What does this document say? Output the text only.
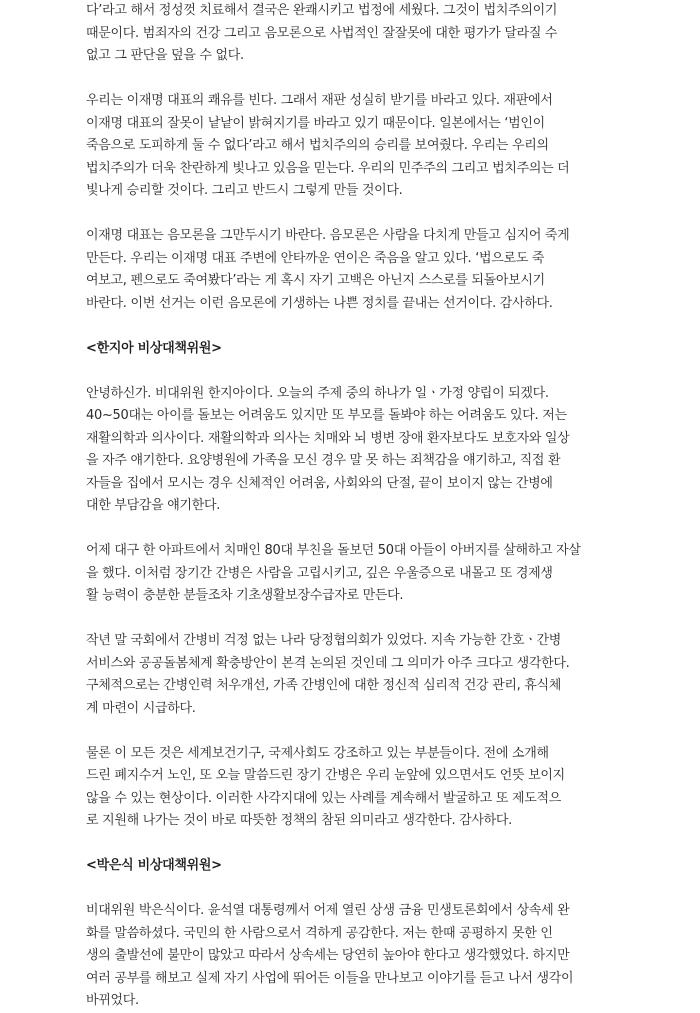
다’라고 해서 정성껏 치료해서 결국은 완쾌시키고 법정에 세웠다. 그것이 법치주의이기
때문이다. 범죄자의 건강 그리고 음모론으로 사법적인 잘잘못에 대한 평가가 달라질 수
없고 그 판단을 덮을 수 없다.
우리는 이재명 대표의 쾌유를 빈다. 그래서 재판 성실히 받기를 바라고 있다. 재판에서
이재명 대표의 잘못이 낱낱이 밝혀지기를 바라고 있기 때문이다. 일본에서는 ‘범인이
죽음으로 도피하게 둘 수 없다’라고 해서 법치주의의 승리를 보여줬다. 우리는 우리의
법치주의가 더욱 찬란하게 빛나고 있음을 믿는다. 우리의 민주주의 그리고 법치주의는 더
빛나게 승리할 것이다. 그리고 반드시 그렇게 만들 것이다.
이재명 대표는 음모론을 그만두시기 바란다. 음모론은 사람을 다치게 만들고 심지어 죽게
만든다. 우리는 이재명 대표 주변에 안타까운 연이은 죽음을 알고 있다. ‘법으로도 죽
여보고, 펜으로도 죽여봤다’라는 게 혹시 자기 고백은 아닌지 스스로를 되돌아보시기
바란다. 이번 선거는 이런 음모론에 기생하는 나쁜 정치를 끝내는 선거이다. 감사하다.
<한지아 비상대책위원>
안녕하신가. 비대위원 한지아이다. 오늘의 주제 중의 하나가 일ㆍ가정 양립이 되겠다.
40~50대는 아이를 돌보는 어려움도 있지만 또 부모를 돌봐야 하는 어려움도 있다. 저는
재활의학과 의사이다. 재활의학과 의사는 치매와 뇌 병변 장애 환자보다도 보호자와 일상
을 자주 얘기한다. 요양병원에 가족을 모신 경우 말 못 하는 죄책감을 얘기하고, 직접 환
자들을 집에서 모시는 경우 신체적인 어려움, 사회와의 단절, 끝이 보이지 않는 간병에
대한 부담감을 얘기한다.
어제 대구 한 아파트에서 치매인 80대 부친을 돌보던 50대 아들이 아버지를 살해하고 자살
을 했다. 이처럼 장기간 간병은 사람을 고립시키고, 깊은 우울증으로 내몰고 또 경제생
활 능력이 충분한 분들조차 기초생활보장수급자로 만든다.
작년 말 국회에서 간병비 걱정 없는 나라 당정협의회가 있었다. 지속 가능한 간호ㆍ간병
서비스와 공공돌봄체계 확충방안이 본격 논의된 것인데 그 의미가 아주 크다고 생각한다.
구체적으로는 간병인력 처우개선, 가족 간병인에 대한 정신적 심리적 건강 관리, 휴식체
계 마련이 시급하다.
물론 이 모든 것은 세계보건기구, 국제사회도 강조하고 있는 부분들이다. 전에 소개해
드린 폐지수거 노인, 또 오늘 말씀드린 장기 간병은 우리 눈앞에 있으면서도 언뜻 보이지
않을 수 있는 현상이다. 이러한 사각지대에 있는 사례를 계속해서 발굴하고 또 제도적으
로 지원해 나가는 것이 바로 따뜻한 정책의 참된 의미라고 생각한다. 감사하다.
<박은식 비상대책위원>
비대위원 박은식이다. 윤석열 대통령께서 어제 열린 상생 금융 민생토론회에서 상속세 완
화를 말씀하셨다. 국민의 한 사람으로서 격하게 공감한다. 저는 한때 공평하지 못한 인
생의 출발선에 불만이 많았고 따라서 상속세는 당연히 높아야 한다고 생각했었다. 하지만
여러 공부를 해보고 실제 자기 사업에 뛰어든 이들을 만나보고 이야기를 듣고 나서 생각이
바뀌었다.
